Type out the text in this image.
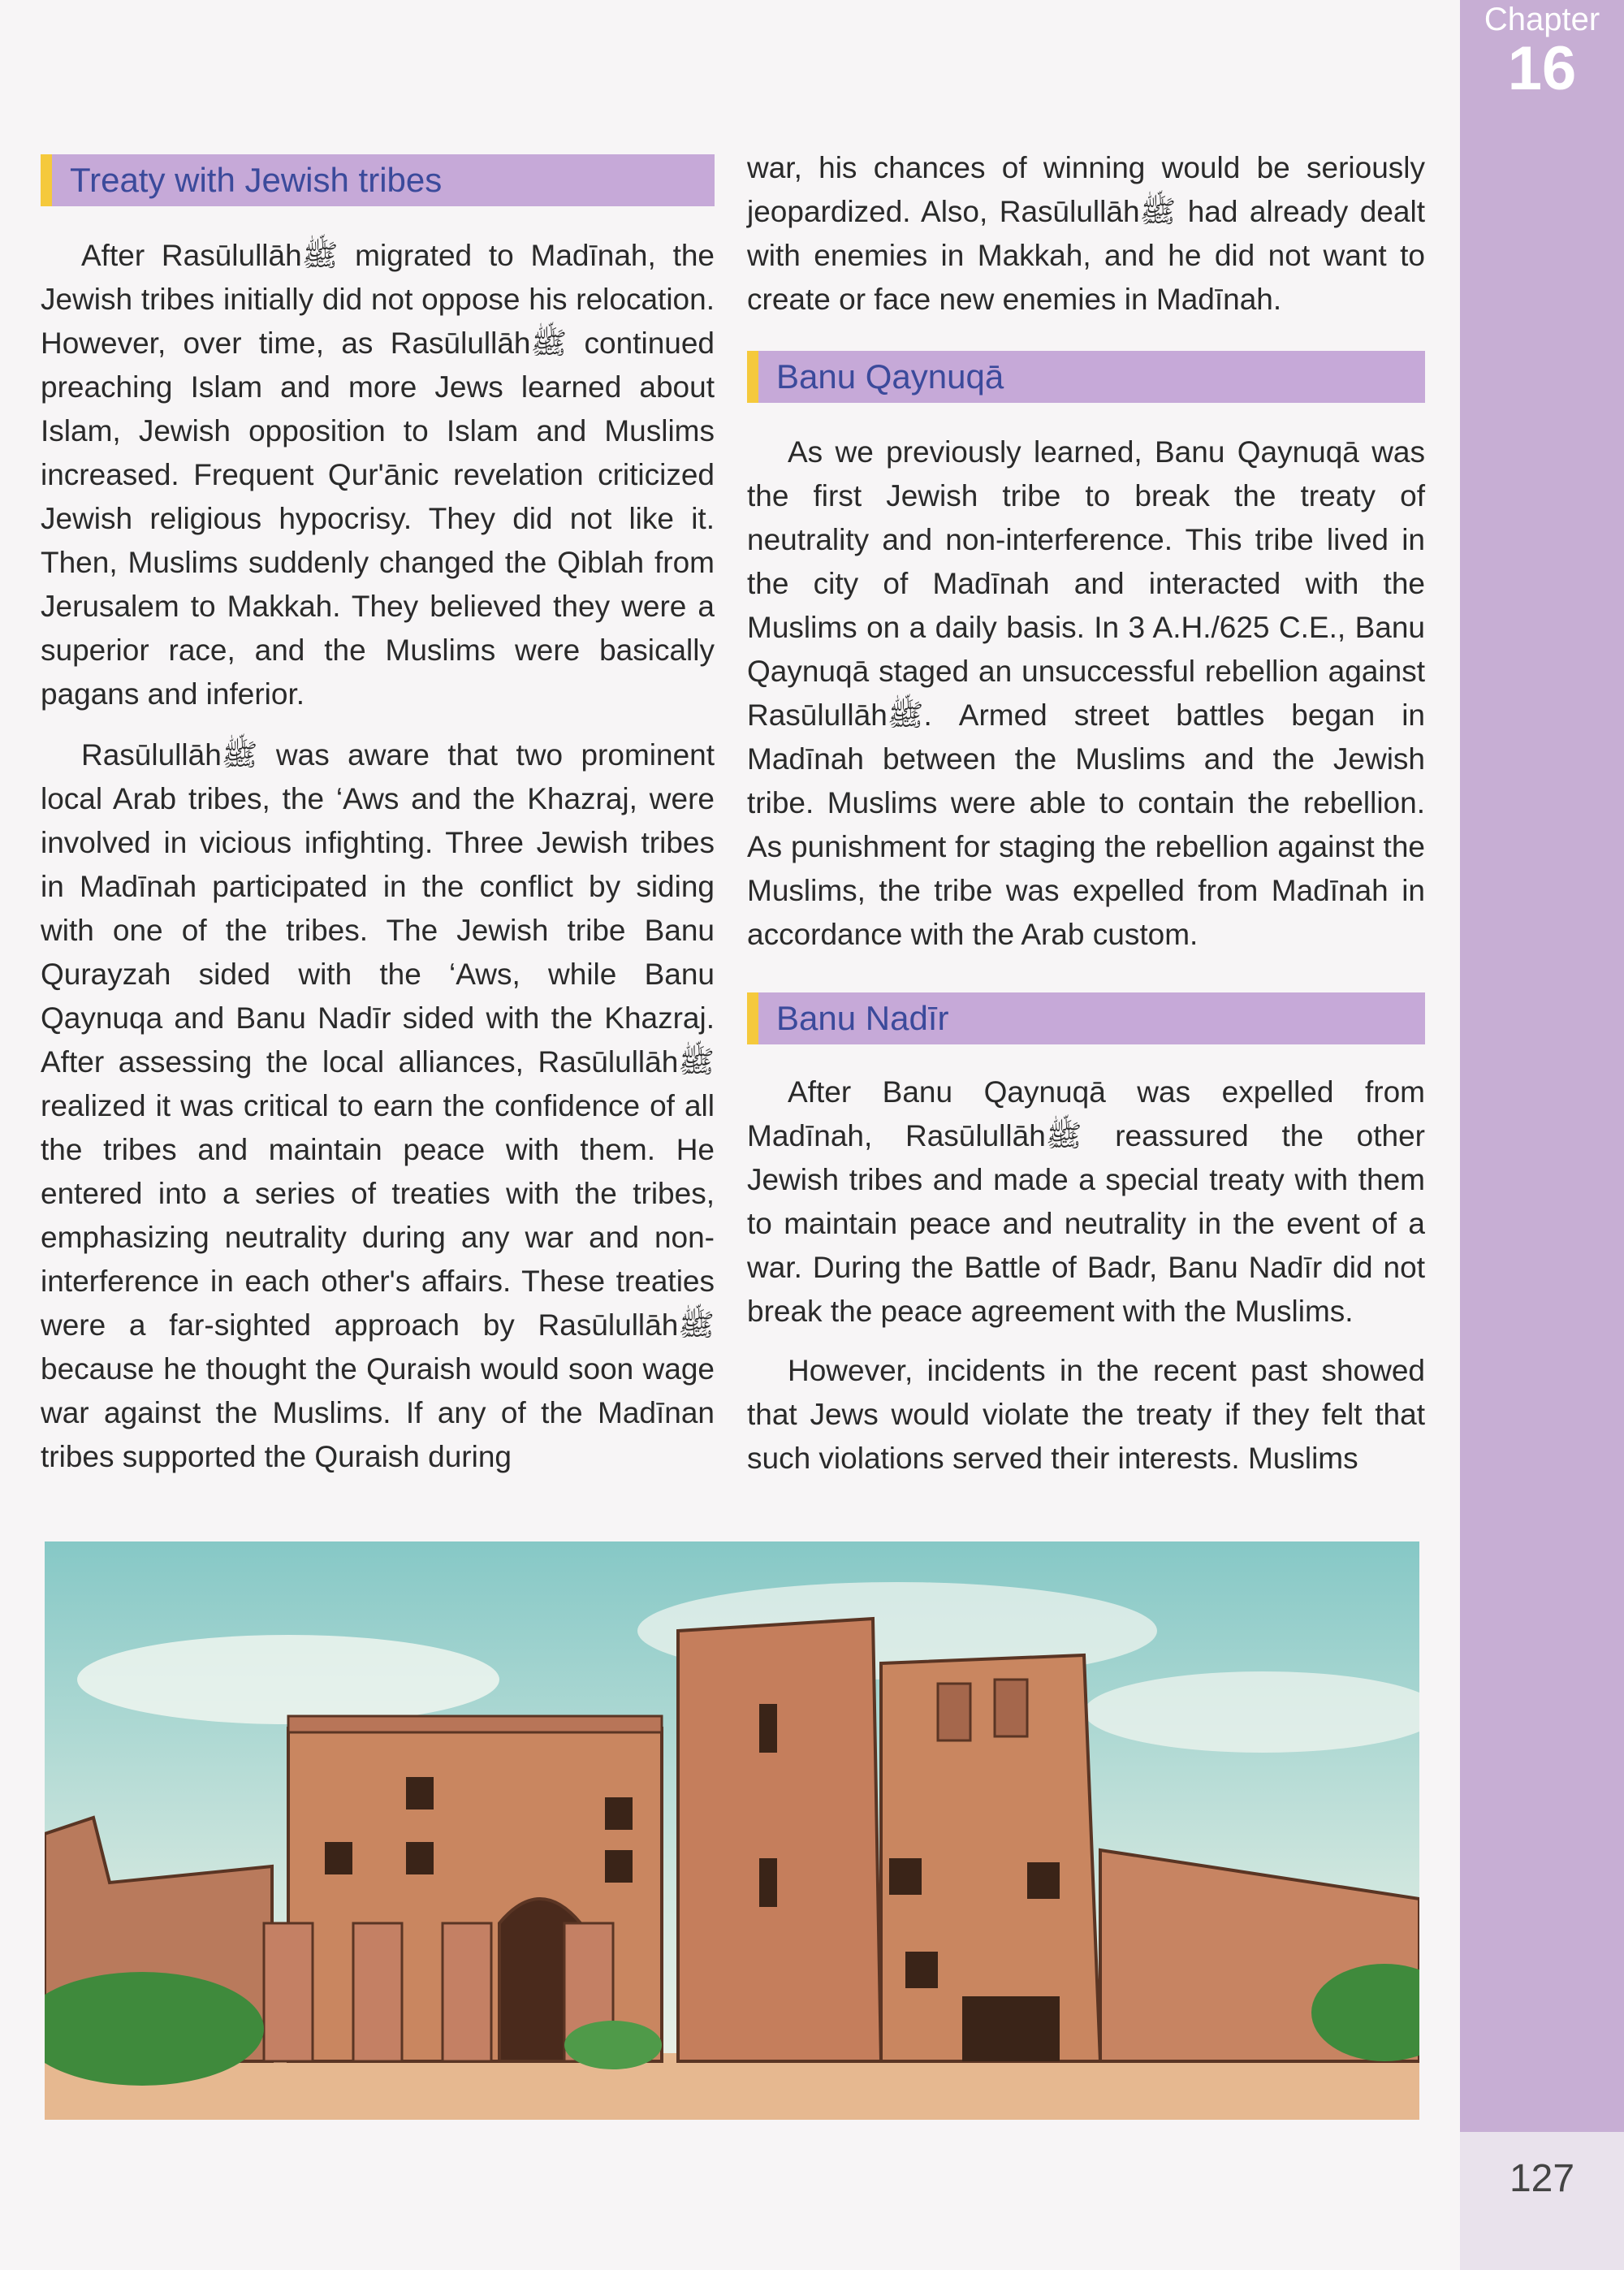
Chapter
16
127
Treaty with Jewish tribes

After Rasūlullāhﷺ migrated to Madīnah, the Jewish tribes initially did not oppose his relocation. However, over time, as Rasūlullāhﷺ continued preaching Islam and more Jews learned about Islam, Jewish opposition to Islam and Muslims increased. Frequent Qur'ānic revelation criticized Jewish religious hypocrisy. They did not like it. Then, Muslims suddenly changed the Qiblah from Jerusalem to Makkah. They believed they were a superior race, and the Muslims were basically pagans and inferior.

Rasūlullāhﷺ was aware that two prominent local Arab tribes, the ‘Aws and the Khazraj, were involved in vicious infighting. Three Jewish tribes in Madīnah participated in the conflict by siding with one of the tribes. The Jewish tribe Banu Qurayzah sided with the ‘Aws, while Banu Qaynuqa and Banu Nadīr sided with the Khazraj. After assessing the local alliances, Rasūlullāhﷺ realized it was critical to earn the confidence of all the tribes and maintain peace with them. He entered into a series of treaties with the tribes, emphasizing neutrality during any war and non-interference in each other's affairs. These treaties were a far-sighted approach by Rasūlullāhﷺ because he thought the Quraish would soon wage war against the Muslims. If any of the Madīnan tribes supported the Quraish during

war, his chances of winning would be seriously jeopardized. Also, Rasūlullāhﷺ had already dealt with enemies in Makkah, and he did not want to create or face new enemies in Madīnah.

Banu Qaynuqā

As we previously learned, Banu Qaynuqā was the first Jewish tribe to break the treaty of neutrality and non-interference. This tribe lived in the city of Madīnah and interacted with the Muslims on a daily basis. In 3 A.H./625 C.E., Banu Qaynuqā staged an unsuccessful rebellion against Rasūlullāhﷺ. Armed street battles began in Madīnah between the Muslims and the Jewish tribe. Muslims were able to contain the rebellion. As punishment for staging the rebellion against the Muslims, the tribe was expelled from Madīnah in accordance with the Arab custom.

Banu Nadīr

After Banu Qaynuqā was expelled from Madīnah, Rasūlullāhﷺ reassured the other Jewish tribes and made a special treaty with them to maintain peace and neutrality in the event of a war. During the Battle of Badr, Banu Nadīr did not break the peace agreement with the Muslims.

However, incidents in the recent past showed that Jews would violate the treaty if they felt that such violations served their interests. Muslims
